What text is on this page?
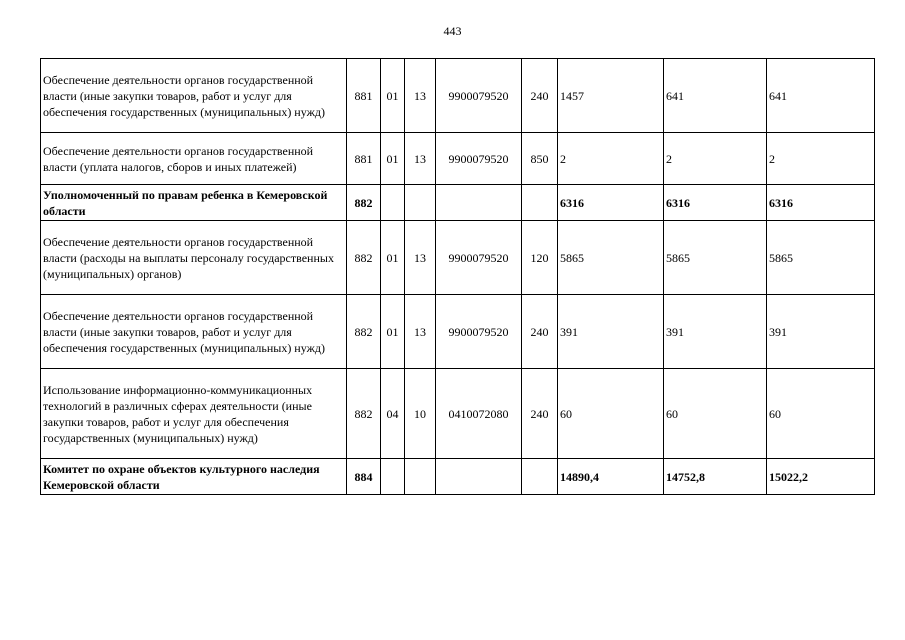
443
Обеспечение деятельности органов государственной власти (иные закупки товаров, работ и услуг для обеспечения государственных (муниципальных) нужд)	881	01	13	9900079520	240	1457	641	641
Обеспечение деятельности органов государственной власти (уплата налогов, сборов и иных платежей)	881	01	13	9900079520	850	2	2	2
Уполномоченный по правам ребенка в Кемеровской области	882					6316	6316	6316
Обеспечение деятельности органов государственной власти (расходы на выплаты персоналу государственных (муниципальных) органов)	882	01	13	9900079520	120	5865	5865	5865
Обеспечение деятельности органов государственной власти (иные закупки товаров, работ и услуг для обеспечения государственных (муниципальных) нужд)	882	01	13	9900079520	240	391	391	391
Использование информационно-коммуникационных технологий в различных сферах деятельности (иные закупки товаров, работ и услуг для обеспечения государственных (муниципальных) нужд)	882	04	10	0410072080	240	60	60	60
Комитет по охране объектов культурного наследия Кемеровской области	884					14890,4	14752,8	15022,2
